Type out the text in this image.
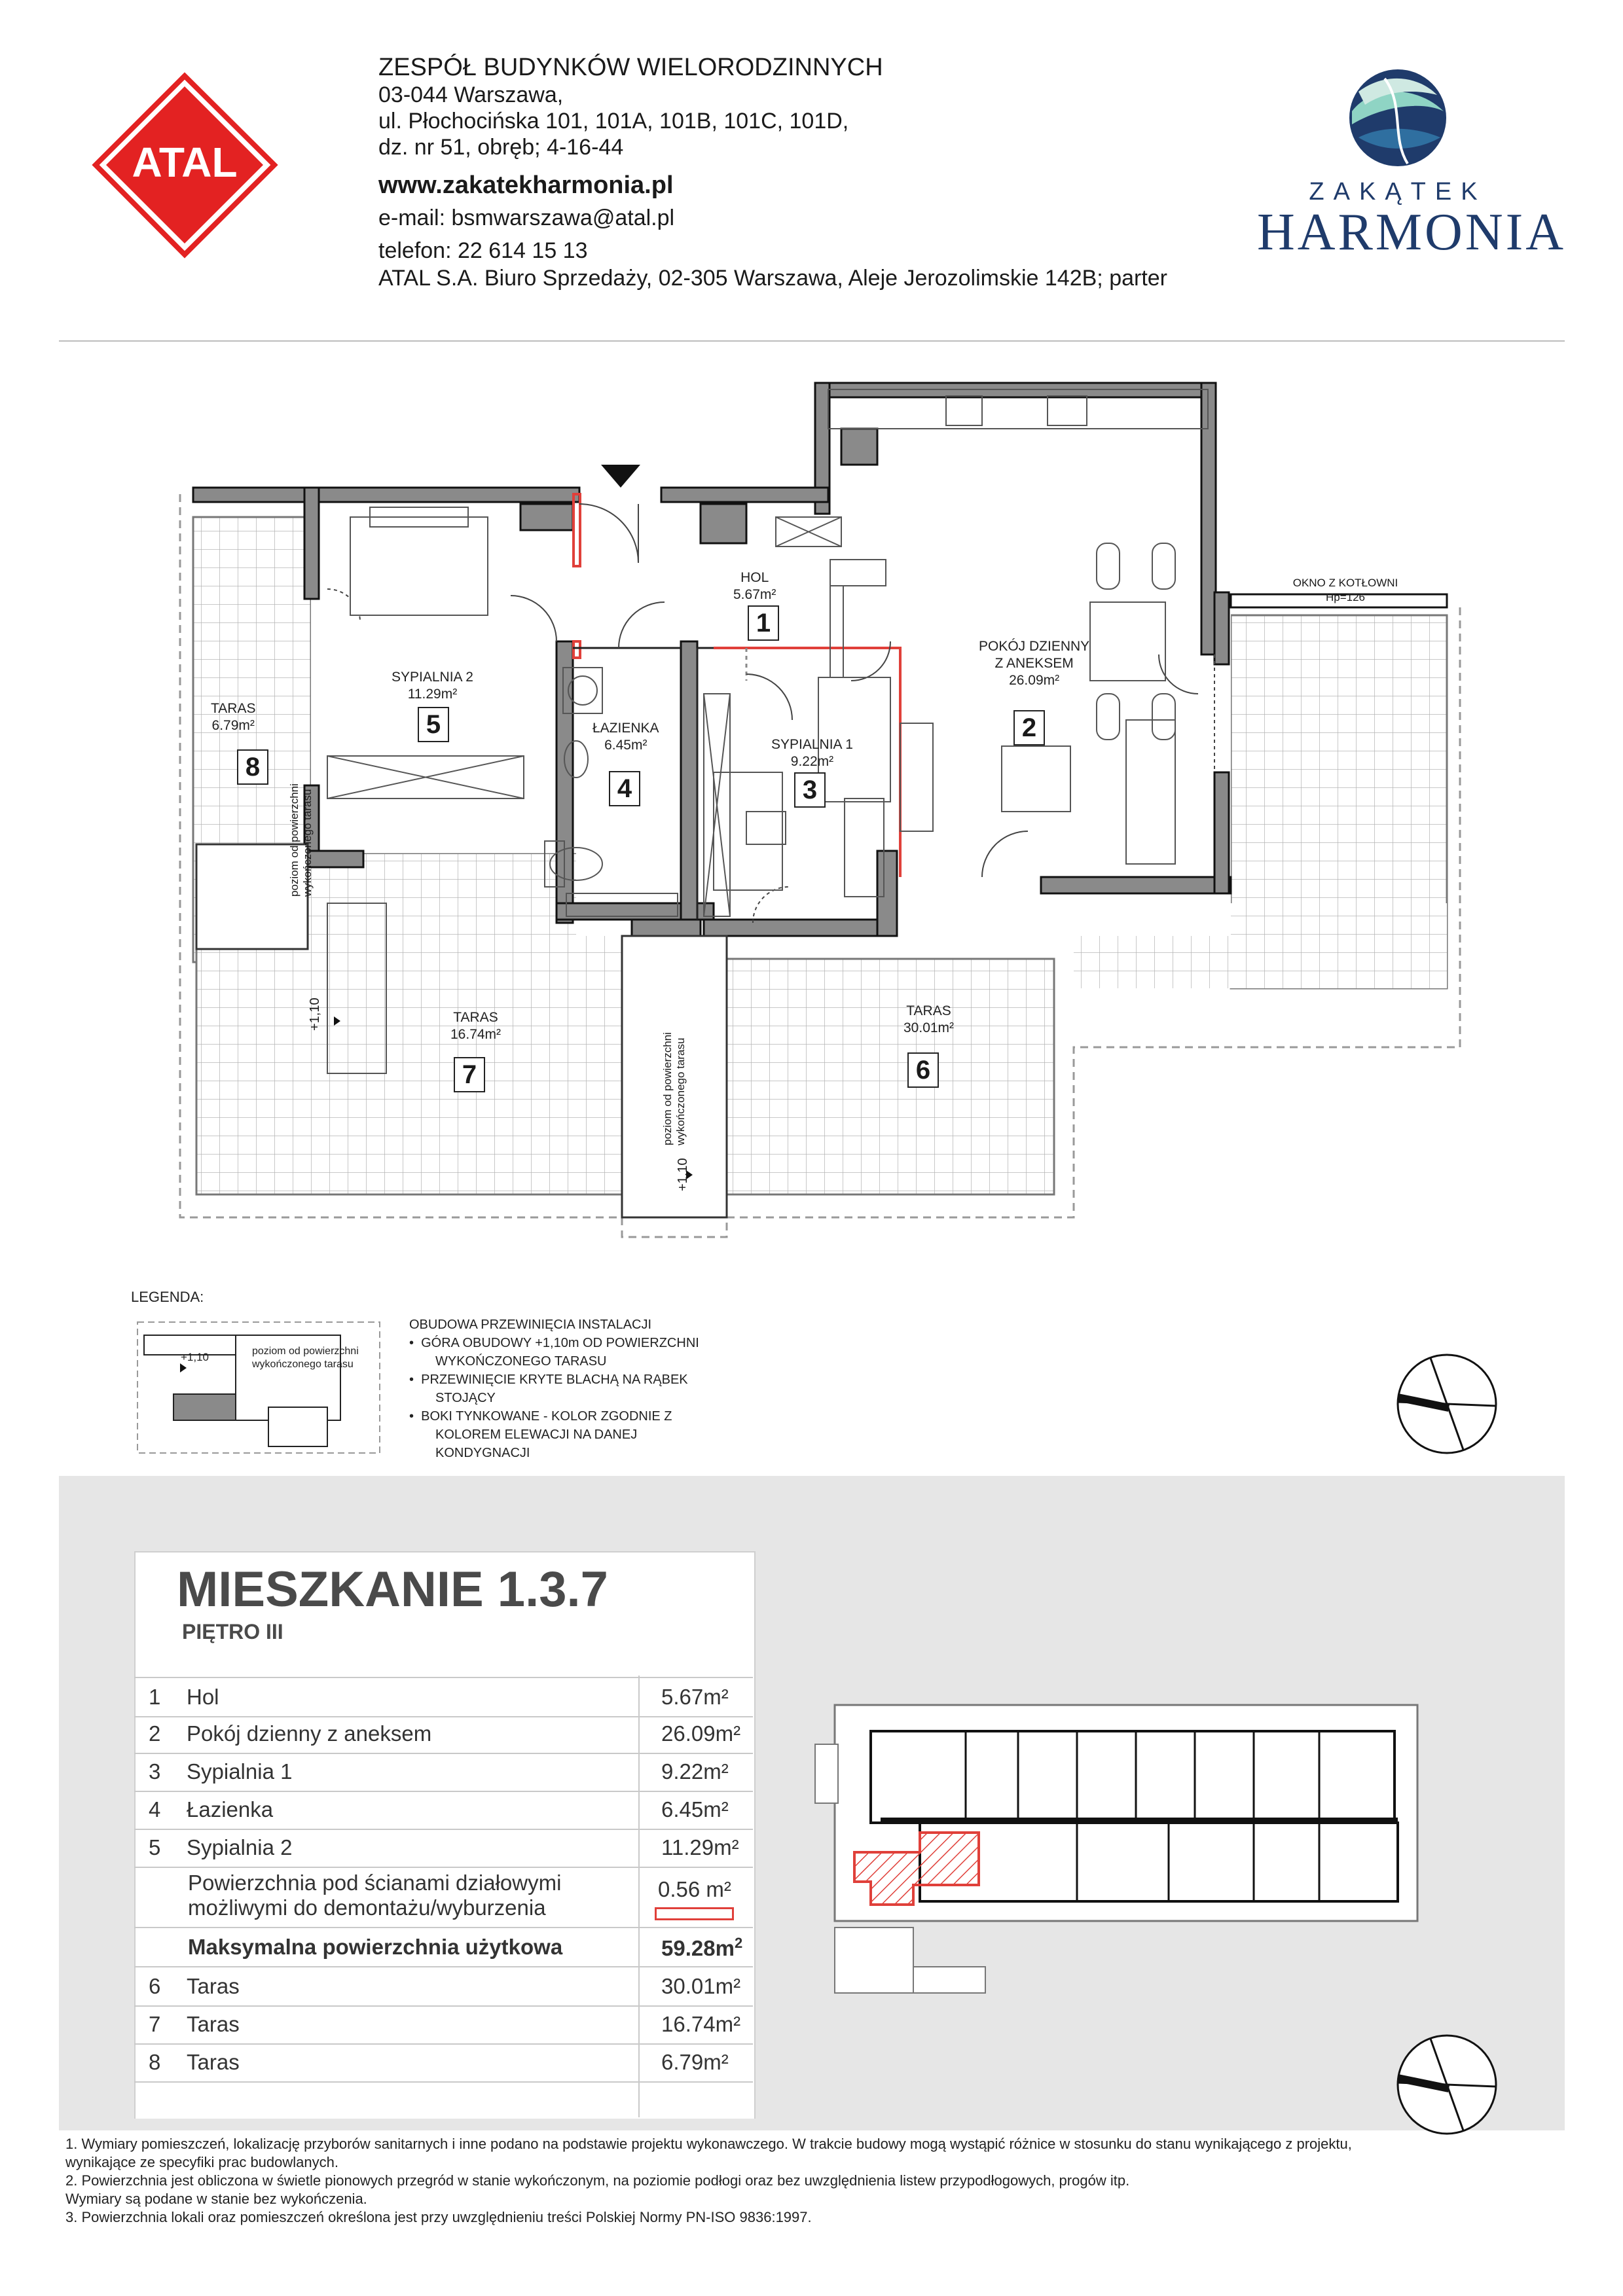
ATAL
ZESPÓŁ BUDYNKÓW WIELORODZINNYCH
03-044 Warszawa,
ul. Płochocińska 101, 101A, 101B, 101C, 101D,
dz. nr 51, obręb; 4-16-44
www.zakatekharmonia.pl
e-mail: bsmwarszawa@atal.pl
telefon: 22 614 15 13
ATAL S.A. Biuro Sprzedaży, 02-305 Warszawa, Aleje Jerozolimskie 142B; parter
ZAKĄTEK
HARMONIA
poziom od powierzchni wykończonego tarasu
+1,10
poziom od powierzchni wykończonego tarasu
+1,10
OKNO Z KOTŁOWNI
Hp=126
HOL
5.67m²
1
POKÓJ DZIENNY
Z ANEKSEM
26.09m²
2
SYPIALNIA 1
9.22m²
3
ŁAZIENKA
6.45m²
4
SYPIALNIA 2
11.29m²
5
TARAS
30.01m²
6
TARAS
16.74m²
7
TARAS
6.79m²
8
LEGENDA:
+1,10	poziom od powierzchni
wykończonego tarasu
OBUDOWA PRZEWINIĘCIA INSTALACJI
•  GÓRA OBUDOWY +1,10m OD POWIERZCHNI
WYKOŃCZONEGO TARASU
•  PRZEWINIĘCIE KRYTE BLACHĄ NA RĄBEK
STOJĄCY
•  BOKI TYNKOWANE - KOLOR ZGODNIE Z
KOLOREM ELEWACJI NA DANEJ
KONDYGNACJI
MIESZKANIE 1.3.7
PIĘTRO III
1 Hol	5.67m²
2 Pokój dzienny z aneksem	26.09m²
3 Sypialnia 1	9.22m²
4 Łazienka	6.45m²
5 Sypialnia 2	11.29m²
Powierzchnia pod ścianami działowymi
możliwymi do demontażu/wyburzenia
0.56 m²
Maksymalna powierzchnia użytkowa	$59.28m^2$
6 Taras	30.01m²
7 Taras	16.74m²
8 Taras	6.79m²
1. Wymiary pomieszczeń, lokalizację przyborów sanitarnych i inne podano na podstawie projektu wykonawczego. W trakcie budowy mogą wystąpić różnice w stosunku do stanu wynikającego z projektu,
wynikające ze specyfiki prac budowlanych.
2. Powierzchnia jest obliczona w świetle pionowych przegród w stanie wykończonym, na poziomie podłogi oraz bez uwzględnienia listew przypodłogowych, progów itp.
Wymiary są podane w stanie bez wykończenia.
3. Powierzchnia lokali oraz pomieszczeń określona jest przy uwzględnieniu treści Polskiej Normy PN-ISO 9836:1997.
